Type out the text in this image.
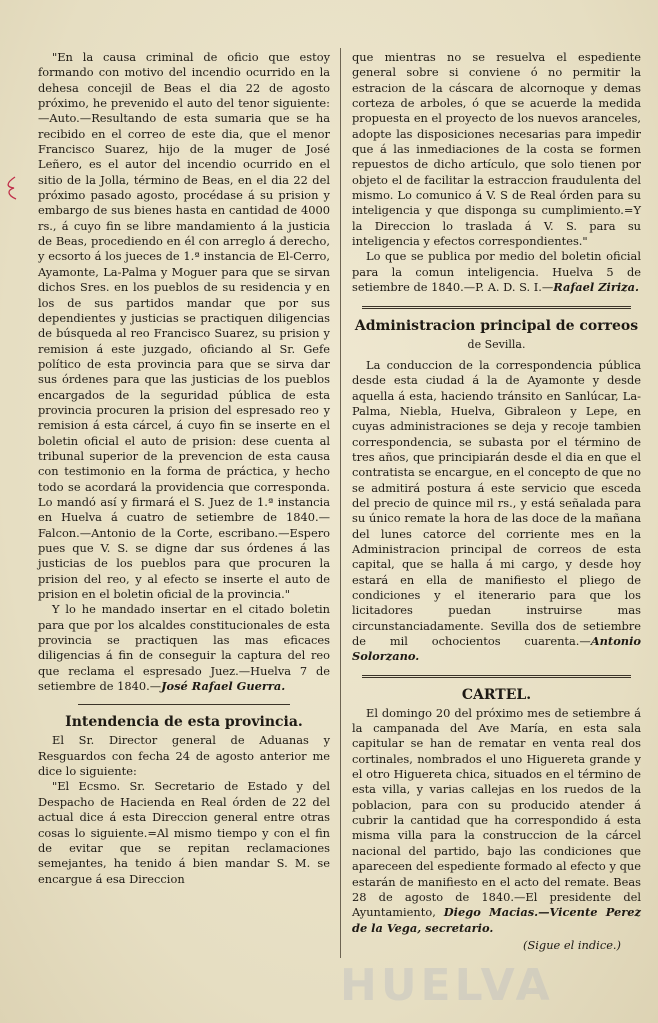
"En la causa criminal de oficio que estoy formando con motivo del incendio ocurrido en la dehesa concejil de Beas el dia 22 de agosto próximo, he prevenido el auto del tenor siguiente:—Auto.—Resultando de esta sumaria que se ha recibido en el correo de este dia, que el menor Francisco Suarez, hijo de la muger de José Leñero, es el autor del incendio ocurrido en el sitio de la Jolla, término de Beas, en el dia 22 del próximo pasado agosto, procédase á su prision y embargo de sus bienes hasta en cantidad de 4000 rs., á cuyo fin se libre mandamiento á la justicia de Beas, procediendo en él con arreglo á derecho, y ecsorto á los jueces de 1.ª instancia de El-Cerro, Ayamonte, La-Palma y Moguer para que se sirvan dichos Sres. en los pueblos de su residencia y en los de sus partidos mandar que por sus dependientes y justicias se practiquen diligencias de búsqueda al reo Francisco Suarez, su prision y remision á este juzgado, oficiando al Sr. Gefe político de esta provincia para que se sirva dar sus órdenes para que las justicias de los pueblos encargados de la seguridad pública de esta provincia procuren la prision del espresado reo y remision á esta cárcel, á cuyo fin se inserte en el boletin oficial el auto de prision: dese cuenta al tribunal superior de la prevencion de esta causa con testimonio en la forma de práctica, y hecho todo se acordará la providencia que corresponda. Lo mandó así y firmará el S. Juez de 1.ª instancia en Huelva á cuatro de setiembre de 1840.—Falcon.—Antonio de la Corte, escribano.—Espero pues que V. S. se digne dar sus órdenes á las justicias de los pueblos para que procuren la prision del reo, y al efecto se inserte el auto de prision en el boletin oficial de la provincia."

Y lo he mandado insertar en el citado boletin para que por los alcaldes constitucionales de esta provincia se practiquen las mas eficaces diligencias á fin de conseguir la captura del reo que reclama el espresado Juez.—Huelva 7 de setiembre de 1840.—José Rafael Guerra.

Intendencia de esta provincia.

El Sr. Director general de Aduanas y Resguardos con fecha 24 de agosto anterior me dice lo siguiente:

"El Ecsmo. Sr. Secretario de Estado y del Despacho de Hacienda en Real órden de 22 del actual dice á esta Direccion general entre otras cosas lo siguiente.=Al mismo tiempo y con el fin de evitar que se repitan reclamaciones semejantes, ha tenido á bien mandar S. M. se encargue á esa Direccion

que mientras no se resuelva el espediente general sobre si conviene ó no permitir la estracion de la cáscara de alcornoque y demas corteza de arboles, ó que se acuerde la medida propuesta en el proyecto de los nuevos aranceles, adopte las disposiciones necesarias para impedir que á las inmediaciones de la costa se formen repuestos de dicho artículo, que solo tienen por objeto el de facilitar la estraccion fraudulenta del mismo. Lo comunico á V. S de Real órden para su inteligencia y que disponga su cumplimiento.=Y la Direccion lo traslada á V. S. para su inteligencia y efectos correspondientes."

Lo que se publica por medio del boletin oficial para la comun inteligencia. Huelva 5 de setiembre de 1840.—P. A. D. S. I.—Rafael Ziriza.

Administracion principal de correos
de Sevilla.

La conduccion de la correspondencia pública desde esta ciudad á la de Ayamonte y desde aquella á esta, haciendo tránsito en Sanlúcar, La-Palma, Niebla, Huelva, Gibraleon y Lepe, en cuyas administraciones se deja y recoje tambien correspondencia, se subasta por el término de tres años, que principiarán desde el dia en que el contratista se encargue, en el concepto de que no se admitirá postura á este servicio que esceda del precio de quince mil rs., y está señalada para su único remate la hora de las doce de la mañana del lunes catorce del corriente mes en la Administracion principal de correos de esta capital, que se halla á mi cargo, y desde hoy estará en ella de manifiesto el pliego de condiciones y el itenerario para que los licitadores puedan instruirse mas circunstanciadamente. Sevilla dos de setiembre de mil ochocientos cuarenta.—Antonio Solorzano.

CARTEL.

El domingo 20 del próximo mes de setiembre á la campanada del Ave María, en esta sala capitular se han de rematar en venta real dos cortinales, nombrados el uno Higuereta grande y el otro Higuereta chica, situados en el término de esta villa, y varias callejas en los ruedos de la poblacion, para con su producido atender á cubrir la cantidad que ha correspondido á esta misma villa para la construccion de la cárcel nacional del partido, bajo las condiciones que apareceen del espediente formado al efecto y que estarán de manifiesto en el acto del remate. Beas 28 de agosto de 1840.—El presidente del Ayuntamiento, Diego Macias.—Vicente Perez de la Vega, secretario.

(Sigue el indice.)
HUELVA
